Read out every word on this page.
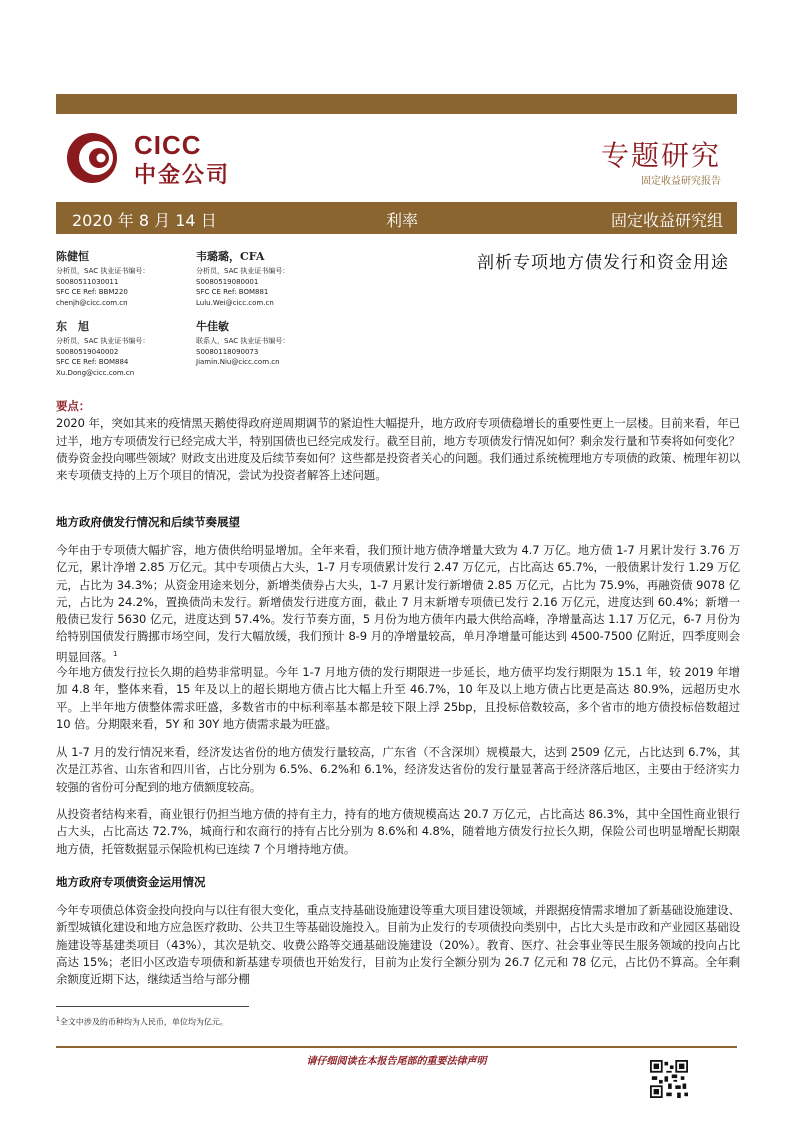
CICC
中金公司
专题研究
固定收益研究报告
2020 年 8 月 14 日	利率	固定收益研究组
陈健恒
分析员，SAC 执业证书编号：
S0080511030011
SFC CE Ref: BBM220
chenjh@cicc.com.cn
韦璐璐，CFA
分析员，SAC 执业证书编号：
S0080519080001
SFC CE Ref: BOM881
Lulu.Wei@cicc.com.cn
东　旭
分析员，SAC 执业证书编号：
S0080519040002
SFC CE Ref: BOM884
Xu.Dong@cicc.com.cn
牛佳敏
联系人，SAC 执业证书编号：
S0080118090073
Jiamin.Niu@cicc.com.cn
剖析专项地方债发行和资金用途
要点：
2020 年，突如其来的疫情黑天鹅使得政府逆周期调节的紧迫性大幅提升，地方政府专项债稳增长的重要性更上一层楼。目前来看，年已过半，地方专项债发行已经完成大半，特别国债也已经完成发行。截至目前，地方专项债发行情况如何？剩余发行量和节奏将如何变化？债券资金投向哪些领域？财政支出进度及后续节奏如何？这些都是投资者关心的问题。我们通过系统梳理地方专项债的政策、梳理年初以来专项债支持的上万个项目的情况，尝试为投资者解答上述问题。
地方政府债发行情况和后续节奏展望
今年由于专项债大幅扩容，地方债供给明显增加。全年来看，我们预计地方债净增量大致为 4.7 万亿。地方债 1-7 月累计发行 3.76 万亿元，累计净增 2.85 万亿元。其中专项债占大头，1-7 月专项债累计发行 2.47 万亿元，占比高达 65.7%，一般债累计发行 1.29 万亿元，占比为 34.3%；从资金用途来划分，新增类债券占大头，1-7 月累计发行新增债 2.85 万亿元，占比为 75.9%，再融资债 9078 亿元，占比为 24.2%，置换债尚未发行。新增债发行进度方面，截止 7 月末新增专项债已发行 2.16 万亿元，进度达到 60.4%；新增一般债已发行 5630 亿元，进度达到 57.4%。发行节奏方面，5 月份为地方债年内最大供给高峰，净增量高达 1.17 万亿元，6-7 月份为给特别国债发行腾挪市场空间，发行大幅放缓，我们预计 8-9 月的净增量较高，单月净增量可能达到 4500-7500 亿附近，四季度则会明显回落。$^1$
今年地方债发行拉长久期的趋势非常明显。今年 1-7 月地方债的发行期限进一步延长，地方债平均发行期限为 15.1 年，较 2019 年增加 4.8 年，整体来看，15 年及以上的超长期地方债占比大幅上升至 46.7%，10 年及以上地方债占比更是高达 80.9%，远超历史水平。上半年地方债整体需求旺盛，多数省市的中标利率基本都是较下限上浮 25bp，且投标倍数较高，多个省市的地方债投标倍数超过 10 倍。分期限来看，5Y 和 30Y 地方债需求最为旺盛。
从 1-7 月的发行情况来看，经济发达省份的地方债发行量较高，广东省（不含深圳）规模最大，达到 2509 亿元，占比达到 6.7%，其次是江苏省、山东省和四川省，占比分别为 6.5%、6.2%和 6.1%，经济发达省份的发行量显著高于经济落后地区，主要由于经济实力较强的省份可分配到的地方债额度较高。
从投资者结构来看，商业银行仍担当地方债的持有主力，持有的地方债规模高达 20.7 万亿元，占比高达 86.3%，其中全国性商业银行占大头，占比高达 72.7%，城商行和农商行的持有占比分别为 8.6%和 4.8%，随着地方债发行拉长久期，保险公司也明显增配长期限地方债，托管数据显示保险机构已连续 7 个月增持地方债。
地方政府专项债资金运用情况
今年专项债总体资金投向投向与以往有很大变化，重点支持基础设施建设等重大项目建设领域，并跟据疫情需求增加了新基础设施建设、新型城镇化建设和地方应急医疗救助、公共卫生等基础设施投入。目前为止发行的专项债投向类别中，占比大头是市政和产业园区基础设施建设等基建类项目（43%），其次是轨交、收费公路等交通基础设施建设（20%）。教育、医疗、社会事业等民生服务领域的投向占比高达 15%；老旧小区改造专项债和新基建专项债也开始发行，目前为止发行全额分别为 26.7 亿元和 78 亿元，占比仍不算高。全年剩余额度近期下达，继续适当给与部分棚
$^1$全文中涉及的币种均为人民币，单位均为亿元。
请仔细阅读在本报告尾部的重要法律声明
